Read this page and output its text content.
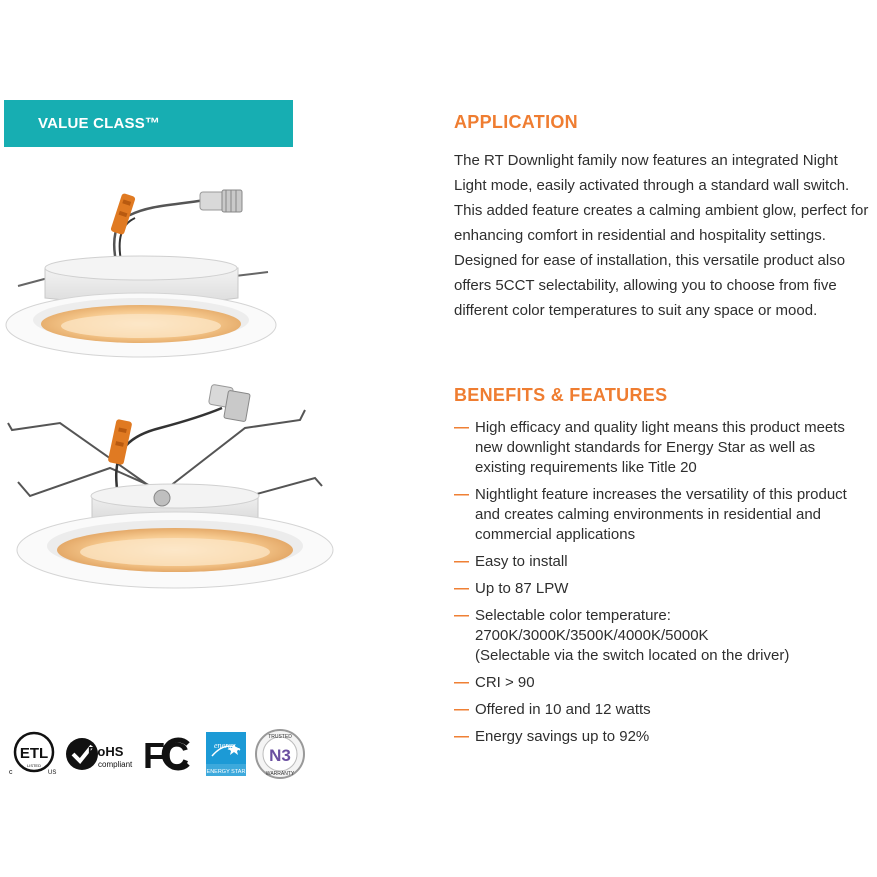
VALUE CLASS™
ETL
LISTED
c	US
RoHS
compliant FC	energy
ENERGY STAR
TRUSTED
N3
WARRANTY
APPLICATION
The RT Downlight family now features an integrated Night Light mode, easily activated through a standard wall switch. This added feature creates a calming ambient glow, perfect for enhancing comfort in residential and hospitality settings. Designed for ease of installation, this versatile product also offers 5CCT selectability, allowing you to choose from five different color temperatures to suit any space or mood.
BENEFITS & FEATURES
— High efficacy and quality light means this product meets new downlight standards for Energy Star as well as existing requirements like Title 20
— Nightlight feature increases the versatility of this product and creates calming environments in residential and commercial applications
— Easy to install
— Up to 87 LPW
— Selectable color temperature:
2700K/3000K/3500K/4000K/5000K
(Selectable via the switch located on the driver)
— CRI > 90
— Offered in 10 and 12 watts
— Energy savings up to 92%
